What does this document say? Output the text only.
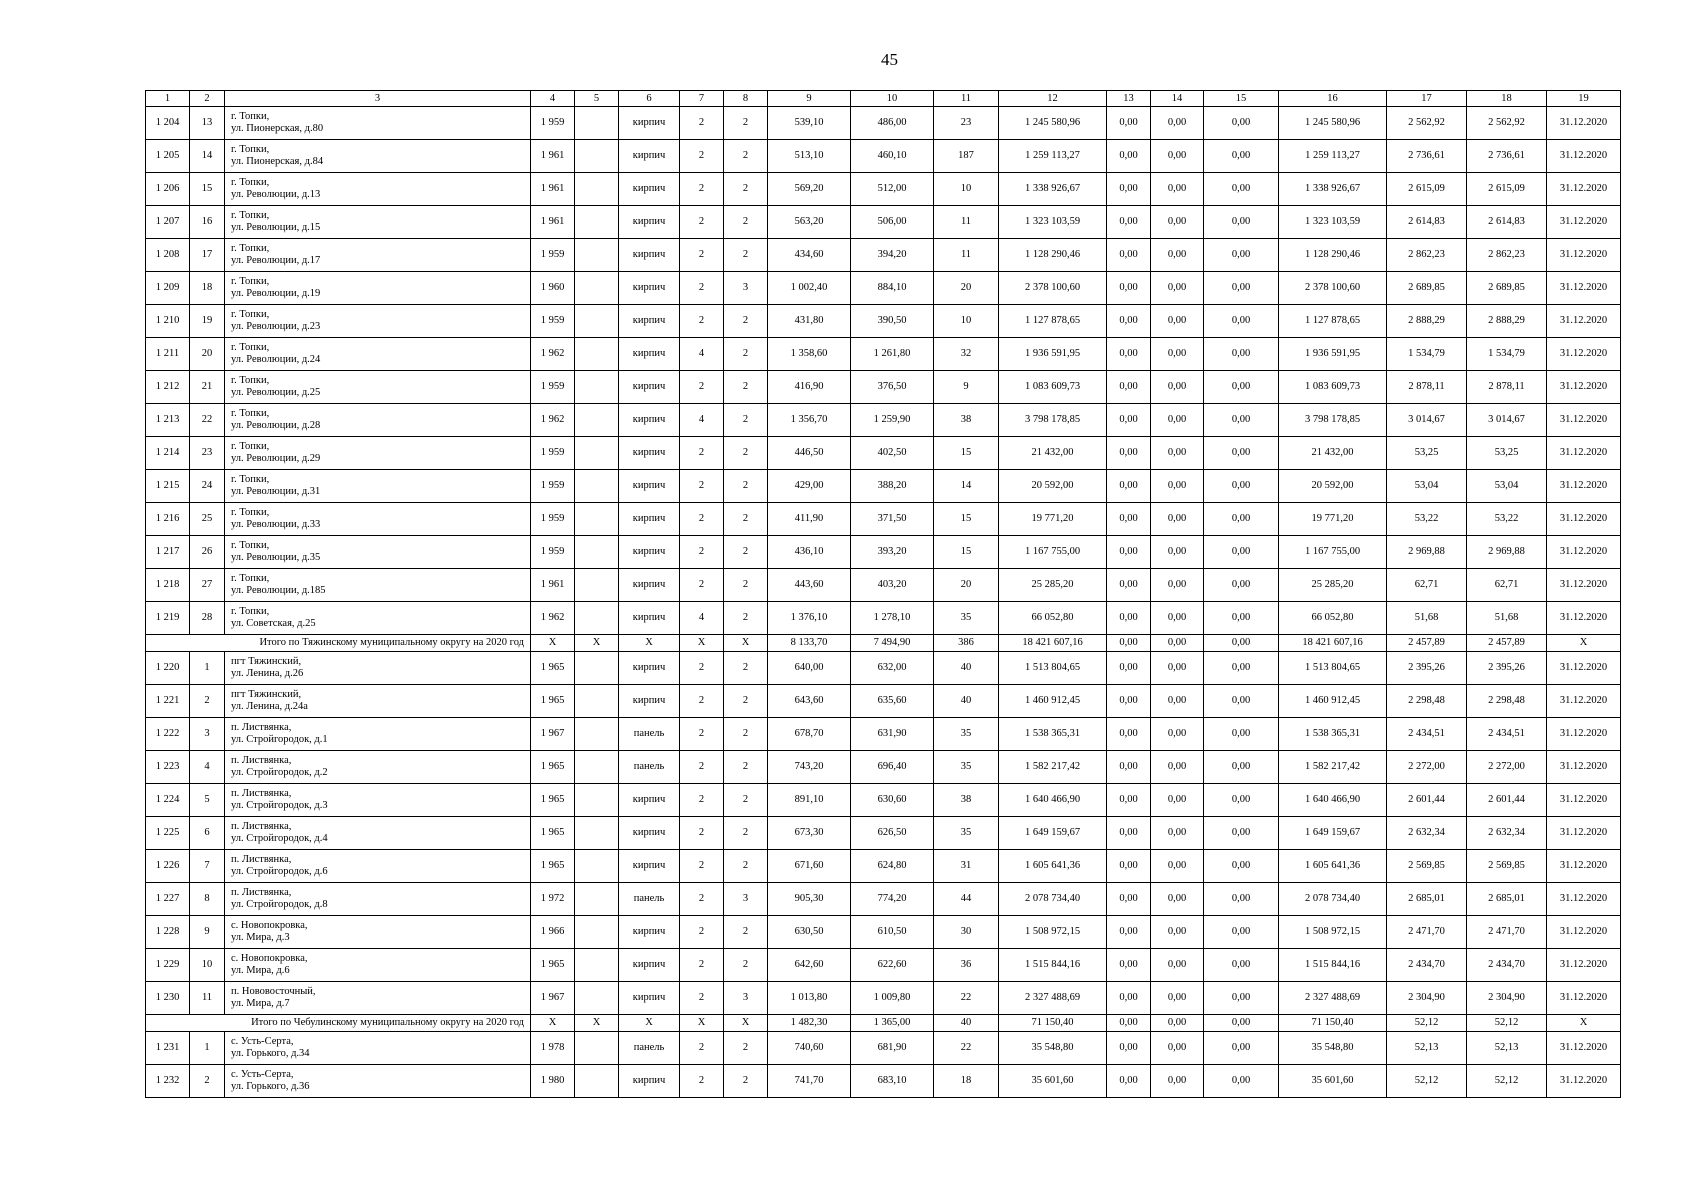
45
1	2	3	4	5	6	7	8	9	10	11	12	13	14	15	16	17	18	19
1 204	13	г. Топки,
ул. Пионерская, д.80	1 959		кирпич	2	2	539,10	486,00	23	1 245 580,96	0,00	0,00	0,00	1 245 580,96	2 562,92	2 562,92	31.12.2020
1 205	14	г. Топки,
ул. Пионерская, д.84	1 961		кирпич	2	2	513,10	460,10	187	1 259 113,27	0,00	0,00	0,00	1 259 113,27	2 736,61	2 736,61	31.12.2020
1 206	15	г. Топки,
ул. Революции, д.13	1 961		кирпич	2	2	569,20	512,00	10	1 338 926,67	0,00	0,00	0,00	1 338 926,67	2 615,09	2 615,09	31.12.2020
1 207	16	г. Топки,
ул. Революции, д.15	1 961		кирпич	2	2	563,20	506,00	11	1 323 103,59	0,00	0,00	0,00	1 323 103,59	2 614,83	2 614,83	31.12.2020
1 208	17	г. Топки,
ул. Революции, д.17	1 959		кирпич	2	2	434,60	394,20	11	1 128 290,46	0,00	0,00	0,00	1 128 290,46	2 862,23	2 862,23	31.12.2020
1 209	18	г. Топки,
ул. Революции, д.19	1 960		кирпич	2	3	1 002,40	884,10	20	2 378 100,60	0,00	0,00	0,00	2 378 100,60	2 689,85	2 689,85	31.12.2020
1 210	19	г. Топки,
ул. Революции, д.23	1 959		кирпич	2	2	431,80	390,50	10	1 127 878,65	0,00	0,00	0,00	1 127 878,65	2 888,29	2 888,29	31.12.2020
1 211	20	г. Топки,
ул. Революции, д.24	1 962		кирпич	4	2	1 358,60	1 261,80	32	1 936 591,95	0,00	0,00	0,00	1 936 591,95	1 534,79	1 534,79	31.12.2020
1 212	21	г. Топки,
ул. Революции, д.25	1 959		кирпич	2	2	416,90	376,50	9	1 083 609,73	0,00	0,00	0,00	1 083 609,73	2 878,11	2 878,11	31.12.2020
1 213	22	г. Топки,
ул. Революции, д.28	1 962		кирпич	4	2	1 356,70	1 259,90	38	3 798 178,85	0,00	0,00	0,00	3 798 178,85	3 014,67	3 014,67	31.12.2020
1 214	23	г. Топки,
ул. Революции, д.29	1 959		кирпич	2	2	446,50	402,50	15	21 432,00	0,00	0,00	0,00	21 432,00	53,25	53,25	31.12.2020
1 215	24	г. Топки,
ул. Революции, д.31	1 959		кирпич	2	2	429,00	388,20	14	20 592,00	0,00	0,00	0,00	20 592,00	53,04	53,04	31.12.2020
1 216	25	г. Топки,
ул. Революции, д.33	1 959		кирпич	2	2	411,90	371,50	15	19 771,20	0,00	0,00	0,00	19 771,20	53,22	53,22	31.12.2020
1 217	26	г. Топки,
ул. Революции, д.35	1 959		кирпич	2	2	436,10	393,20	15	1 167 755,00	0,00	0,00	0,00	1 167 755,00	2 969,88	2 969,88	31.12.2020
1 218	27	г. Топки,
ул. Революции, д.185	1 961		кирпич	2	2	443,60	403,20	20	25 285,20	0,00	0,00	0,00	25 285,20	62,71	62,71	31.12.2020
1 219	28	г. Топки,
ул. Советская, д.25	1 962		кирпич	4	2	1 376,10	1 278,10	35	66 052,80	0,00	0,00	0,00	66 052,80	51,68	51,68	31.12.2020
Итого по Тяжинскому муниципальному округу на 2020 год			X	X	X	X	X	8 133,70	7 494,90	386	18 421 607,16	0,00	0,00	0,00	18 421 607,16	2 457,89	2 457,89	X
1 220	1	пгт Тяжинский,
ул. Ленина, д.26	1 965		кирпич	2	2	640,00	632,00	40	1 513 804,65	0,00	0,00	0,00	1 513 804,65	2 395,26	2 395,26	31.12.2020
1 221	2	пгт Тяжинский,
ул. Ленина, д.24а	1 965		кирпич	2	2	643,60	635,60	40	1 460 912,45	0,00	0,00	0,00	1 460 912,45	2 298,48	2 298,48	31.12.2020
1 222	3	п. Листвянка,
ул. Стройгородок, д.1	1 967		панель	2	2	678,70	631,90	35	1 538 365,31	0,00	0,00	0,00	1 538 365,31	2 434,51	2 434,51	31.12.2020
1 223	4	п. Листвянка,
ул. Стройгородок, д.2	1 965		панель	2	2	743,20	696,40	35	1 582 217,42	0,00	0,00	0,00	1 582 217,42	2 272,00	2 272,00	31.12.2020
1 224	5	п. Листвянка,
ул. Стройгородок, д.3	1 965		кирпич	2	2	891,10	630,60	38	1 640 466,90	0,00	0,00	0,00	1 640 466,90	2 601,44	2 601,44	31.12.2020
1 225	6	п. Листвянка,
ул. Стройгородок, д.4	1 965		кирпич	2	2	673,30	626,50	35	1 649 159,67	0,00	0,00	0,00	1 649 159,67	2 632,34	2 632,34	31.12.2020
1 226	7	п. Листвянка,
ул. Стройгородок, д.6	1 965		кирпич	2	2	671,60	624,80	31	1 605 641,36	0,00	0,00	0,00	1 605 641,36	2 569,85	2 569,85	31.12.2020
1 227	8	п. Листвянка,
ул. Стройгородок, д.8	1 972		панель	2	3	905,30	774,20	44	2 078 734,40	0,00	0,00	0,00	2 078 734,40	2 685,01	2 685,01	31.12.2020
1 228	9	с. Новопокровка,
ул. Мира, д.3	1 966		кирпич	2	2	630,50	610,50	30	1 508 972,15	0,00	0,00	0,00	1 508 972,15	2 471,70	2 471,70	31.12.2020
1 229	10	с. Новопокровка,
ул. Мира, д.6	1 965		кирпич	2	2	642,60	622,60	36	1 515 844,16	0,00	0,00	0,00	1 515 844,16	2 434,70	2 434,70	31.12.2020
1 230	11	п. Нововосточный,
ул. Мира, д.7	1 967		кирпич	2	3	1 013,80	1 009,80	22	2 327 488,69	0,00	0,00	0,00	2 327 488,69	2 304,90	2 304,90	31.12.2020
Итого по Чебулинскому муниципальному округу на 2020 год			X	X	X	X	X	1 482,30	1 365,00	40	71 150,40	0,00	0,00	0,00	71 150,40	52,12	52,12	X
1 231	1	с. Усть-Серта,
ул. Горького, д.34	1 978		панель	2	2	740,60	681,90	22	35 548,80	0,00	0,00	0,00	35 548,80	52,13	52,13	31.12.2020
1 232	2	с. Усть-Серта,
ул. Горького, д.36	1 980		кирпич	2	2	741,70	683,10	18	35 601,60	0,00	0,00	0,00	35 601,60	52,12	52,12	31.12.2020
